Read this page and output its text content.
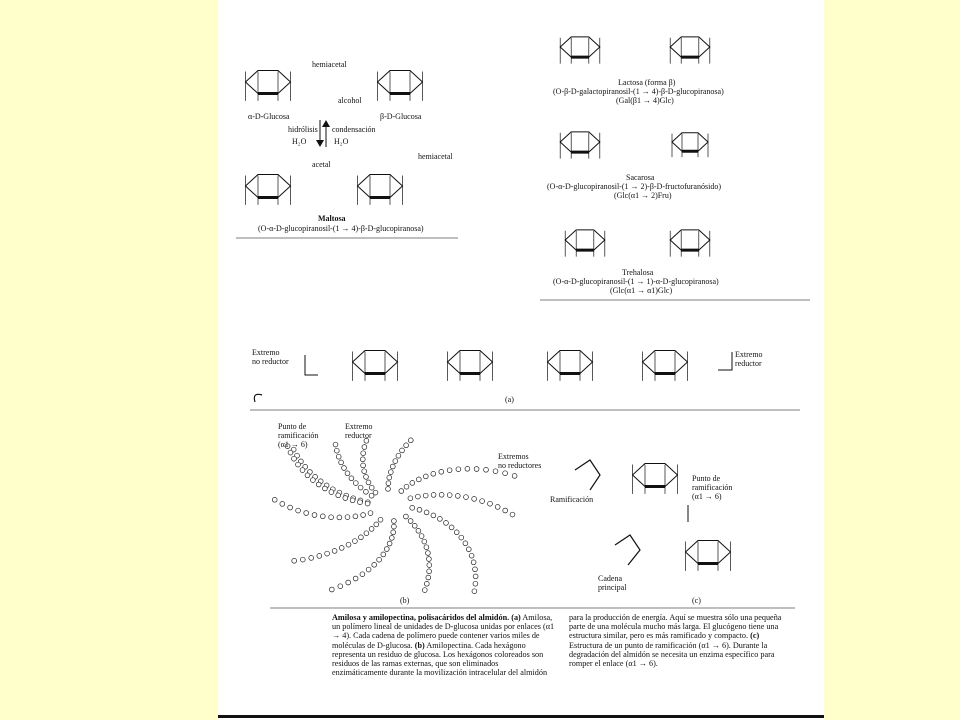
α-D-Glucosa	β-D-Glucosa
hemiacetal
alcohol
hidrólisis condensación
H₂O	H₂O
acetal
hemiacetal
Maltosa
(O-α-D-glucopiranosil-(1 → 4)-β-D-glucopiranosa)
Lactosa (forma β)
(O-β-D-galactopiranosil-(1 → 4)-β-D-glucopiranosa)
(Gal(β1 → 4)Glc)
Sacarosa
(O-α-D-glucopiranosil-(1 → 2)-β-D-fructofuranósido)
(Glc(α1 → 2)Fru)
Trehalosa
(O-α-D-glucopiranosil-(1 → 1)-α-D-glucopiranosa)
(Glc(α1 → α1)Glc)
Extremo
no reductor
Extremo
reductor
(a)
Punto de
ramificación
(α1 → 6)
Extremo
reductor
Extremos
no reductores
(b)
Ramificación
Punto de
ramificación
(α1 → 6)
Cadena
principal
(c)
Amilosa y amilopectina, polisacáridos del almidón. (a) Amilosa, un polímero lineal de unidades de D-glucosa unidas por enlaces (α1 → 4). Cada cadena de polímero puede contener varios miles de moléculas de D-glucosa. (b) Amilopectina. Cada hexágono representa un residuo de glucosa. Los hexágonos coloreados son residuos de las ramas externas, que son eliminados enzimáticamente durante la movilización intracelular del almidón para la producción de energía. Aquí se muestra sólo una pequeña parte de una molécula mucho más larga. El glucógeno tiene una estructura similar, pero es más ramificado y compacto. (c) Estructura de un punto de ramificación (α1 → 6). Durante la degradación del almidón se necesita un enzima específico para romper el enlace (α1 → 6).
